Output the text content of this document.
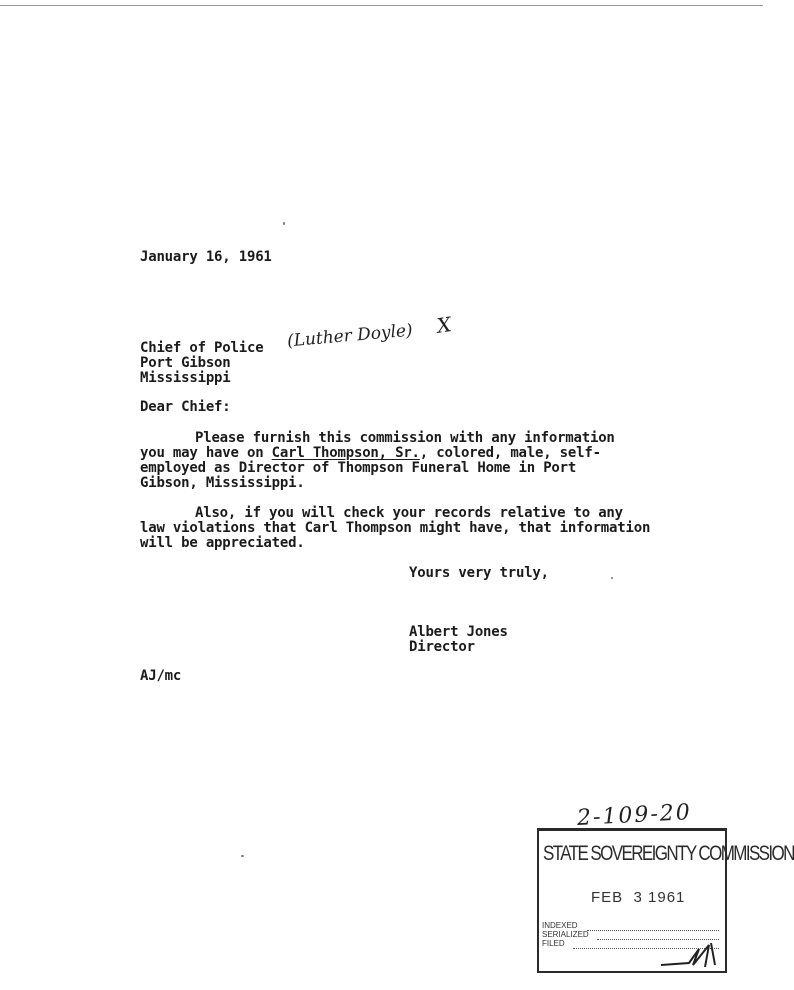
January 16, 1961
Chief of Police
Port Gibson
Mississippi
(Luther Doyle) X
Dear Chief:
Please furnish this commission with any information
you may have on Carl Thompson, Sr., colored, male, self-
employed as Director of Thompson Funeral Home in Port
Gibson, Mississippi.
Also, if you will check your records relative to any
law violations that Carl Thompson might have, that information
will be appreciated.
Yours very truly,
Albert Jones
Director
AJ/mc
2-109-20
STATE SOVEREIGNTY COMMISSION
FEB  3 1961
INDEXED
SERIALIZED
FILED
